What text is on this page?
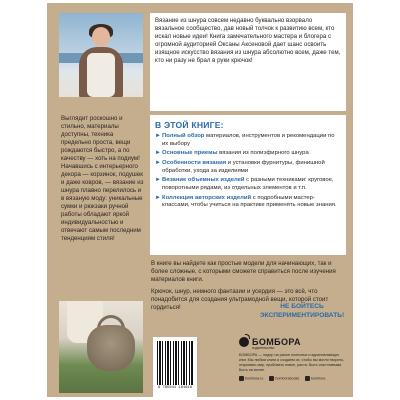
Вязание из шнура совсем недавно буквально взорвало вязальное сообщество, дав новый толчок к развитию всем, кто искал новые идеи! Книга замечательного мастера и блогера с огромной аудиторией Оксаны Аксеновой дает шанс освоить изящное искусство вязания из шнура абсолютно всем, даже тем, кто ни разу не брал в руки крючок!
Выглядит роскошно и стильно, материалы доступны, техника предельно проста, вещи рождаются быстро, а по качеству — хоть на подиум! Начавшись с интерьерного декора — корзинок, подушек и даже ковров, — вязание из шнура плавно перелилось и в вязаную моду: уникальные сумки и рюкзаки ручной работы обладают яркой индивидуальностью и отвечают самым последним тенденциям стиля!
В ЭТОЙ КНИГЕ:
► Полный обзор материалов, инструментов и рекомендации по их выбору
► Основные приемы вязания из полиэфирного шнура
► Особенности вязания и установки фурнитуры, финишной обработки, ухода за изделиями
► Вязание объемных изделей с разными техниками: круговое, поворотными рядами, из отдельных элементов и т.п.
► Коллекция авторских изделий с подробными мастер-классами, чтобы учиться на практике применять новые знания.

В книге вы найдете как простые модели для начинающих, так и более сложные, с которыми сможете справиться после изучения материалов книги.

Крючок, шнур, немного фантазии и усердия — это всё, что понадобится для создания ультрамодной вещи, которой стоит гордиться!	НЕ БОЙТЕСЬ ЭКСПЕРИМЕНТИРОВАТЬ!
9 785041 181616
БОМБОРА
издательство
БОМБОРА — лидер на рынке полезных и вдохновляющих книг. Мы любим книги и создаем их, чтобы вы могли творить, открывать мир, пробовать новое, расти. Быть счастливыми. Быть на волне.
bombora.ru	bomborabooks	bombora
